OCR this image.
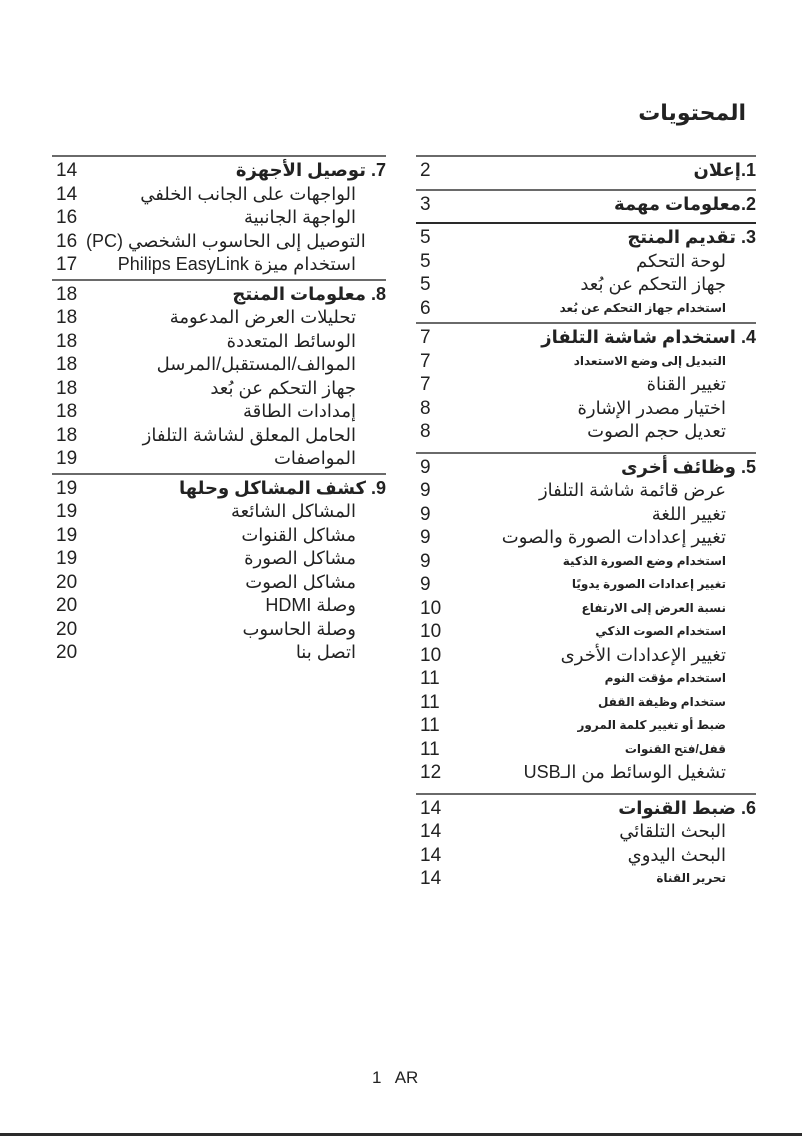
المحتويات
2	1.إعلان
3	2.معلومات مهمة
5	3. تقديم المنتج
5	لوحة التحكم
5	جهاز التحكم عن بُعد
6	استخدام جهاز التحكم عن بُعد
7	4. استخدام شاشة التلفاز
7	التبديل إلى وضع الاستعداد
7	تغيير القناة
8	اختيار مصدر الإشارة
8	تعديل حجم الصوت
9	5. وظائف أخرى
9	عرض قائمة شاشة التلفاز
9	تغيير اللغة
9	تغيير إعدادات الصورة والصوت
9	استخدام وضع الصورة الذكية
9	تغيير إعدادات الصورة يدويًا
10	نسبة العرض إلى الارتفاع
10	استخدام الصوت الذكي
10	تغيير الإعدادات الأخرى
11	استخدام مؤقت النوم
11	ستخدام وظيفة القفل
11	ضبط أو تغيير كلمة المرور
11	قفل/فتح القنوات
12	تشغيل الوسائط من الـUSB
14	6. ضبط القنوات
14	البحث التلقائي
14	البحث اليدوي
14	تحرير القناة
14	7. توصيل الأجهزة
14	الواجهات على الجانب الخلفي
16	الواجهة الجانبية
16 التوصيل إلى الحاسوب الشخصي (PC)
17	استخدام ميزة Philips EasyLink
18	8. معلومات المنتج
18	تحليلات العرض المدعومة
18	الوسائط المتعددة
18	الموالف/المستقبل/المرسل
18	جهاز التحكم عن بُعد
18	إمدادات الطاقة
18	الحامل المعلق لشاشة التلفاز
19	المواصفات
19	9. كشف المشاكل وحلها
19	المشاكل الشائعة
19	مشاكل القنوات
19	مشاكل الصورة
20	مشاكل الصوت
20	وصلة HDMI
20	وصلة الحاسوب
20	اتصل بنا
1 AR
